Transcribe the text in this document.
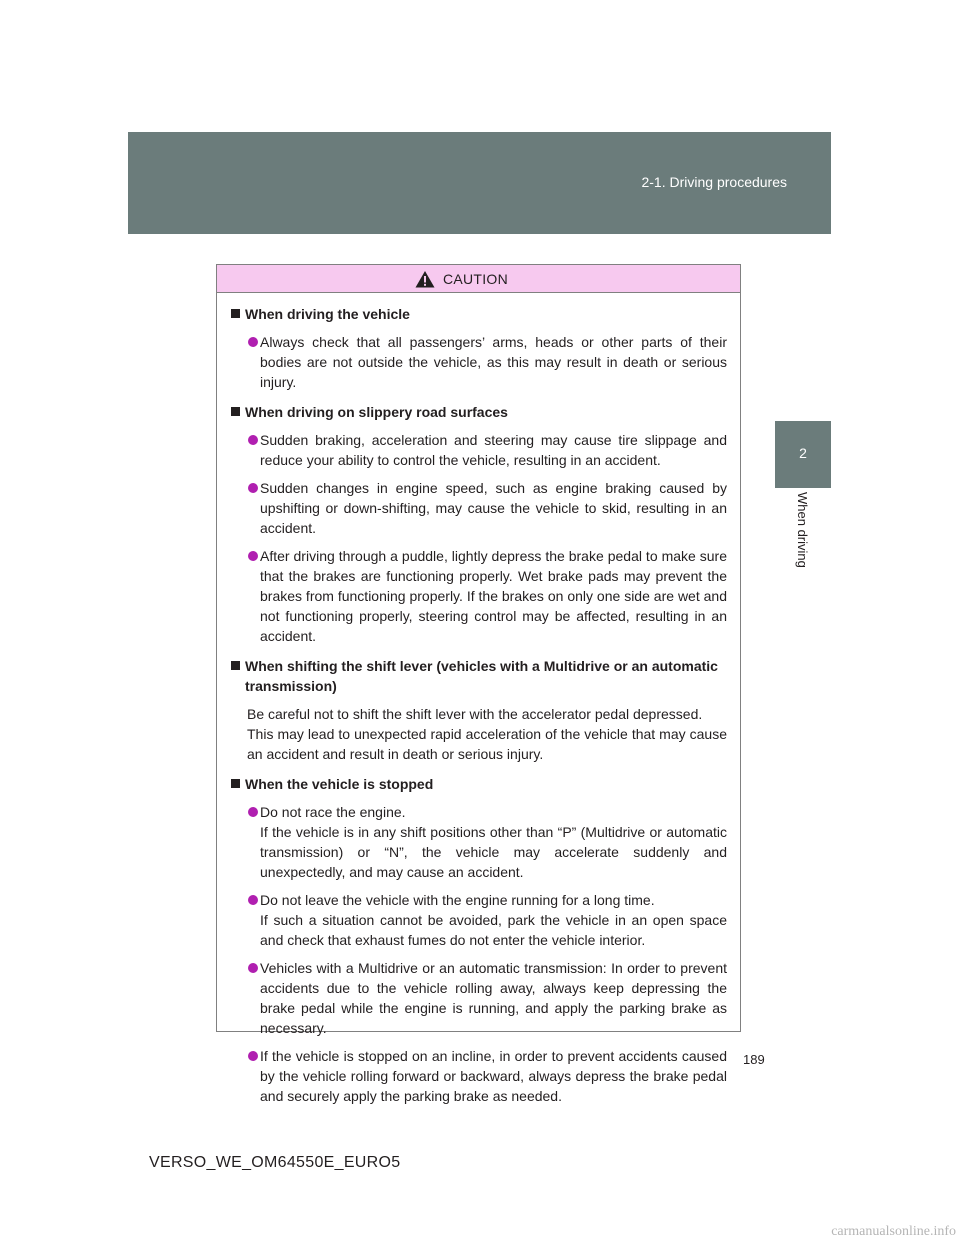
2-1. Driving procedures
2
When driving
CAUTION
When driving the vehicle
Always check that all passengers’ arms, heads or other parts of their bodies are not outside the vehicle, as this may result in death or serious injury.
When driving on slippery road surfaces
Sudden braking, acceleration and steering may cause tire slippage and reduce your ability to control the vehicle, resulting in an accident.
Sudden changes in engine speed, such as engine braking caused by upshifting or down-shifting, may cause the vehicle to skid, resulting in an accident.
After driving through a puddle, lightly depress the brake pedal to make sure that the brakes are functioning properly. Wet brake pads may prevent the brakes from functioning properly. If the brakes on only one side are wet and not functioning properly, steering control may be affected, resulting in an accident.
When shifting the shift lever (vehicles with a Multidrive or an automatic transmission)
Be careful not to shift the shift lever with the accelerator pedal depressed.
This may lead to unexpected rapid acceleration of the vehicle that may cause an accident and result in death or serious injury.
When the vehicle is stopped
Do not race the engine.
If the vehicle is in any shift positions other than “P” (Multidrive or automatic transmission) or “N”, the vehicle may accelerate suddenly and unexpectedly, and may cause an accident.
Do not leave the vehicle with the engine running for a long time.
If such a situation cannot be avoided, park the vehicle in an open space and check that exhaust fumes do not enter the vehicle interior.
Vehicles with a Multidrive or an automatic transmission: In order to prevent accidents due to the vehicle rolling away, always keep depressing the brake pedal while the engine is running, and apply the parking brake as necessary.
If the vehicle is stopped on an incline, in order to prevent accidents caused by the vehicle rolling forward or backward, always depress the brake pedal and securely apply the parking brake as needed.
189
VERSO_WE_OM64550E_EURO5
carmanualsonline.info
